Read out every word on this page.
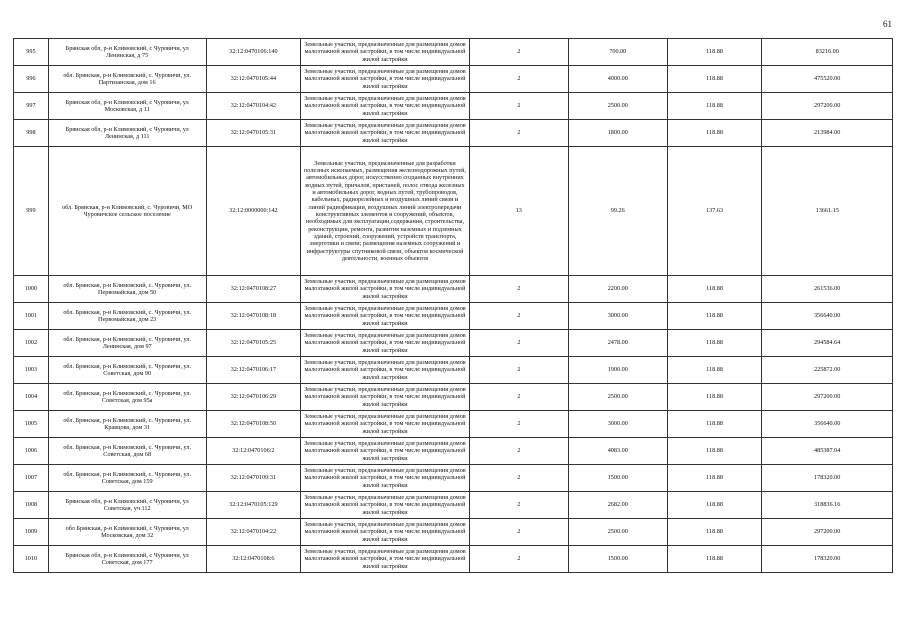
61
995	Брянская обл, р-н Климовский, с Чуровичи, ул Ленинская, д 75	32:12:0470106:140	Земельные участки, предназначенные для размещения домов малоэтажной жилой застройки, в том числе индивидуальной жилой застройки	2	700.00	118.88	83216.00
996	обл. Брянская, р-н Климовский, с. Чуровичи, ул. Партизанская, дом 16	32:12:0470105:44	Земельные участки, предназначенные для размещения домов малоэтажной жилой застройки, в том числе индивидуальной жилой застройки	2	4000.00	118.88	475520.00
997	Брянская обл, р-н Климовский, с Чуровичи, ул Московская, д 11	32:12:0470104:42	Земельные участки, предназначенные для размещения домов малоэтажной жилой застройки, в том числе индивидуальной жилой застройки	2	2500.00	118.88	297200.00
998	Брянская обл, р-н Климовский, с Чуровичи, ул Ленинская, д 111	32:12:0470105:31	Земельные участки, предназначенные для размещения домов малоэтажной жилой застройки, в том числе индивидуальной жилой застройки	2	1800.00	118.88	213984.00
999	обл. Брянская, р-н Климовский, с. Чуровичи, МО Чуровичское сельское поселение	32:12:0000000:142	Земельные участки, предназначенные для разработки полезных ископаемых, размещения железнодорожных путей, автомобильных дорог, искусственно созданных внутренних водных путей, причалов, пристаней, полос отвода железных и автомобильных дорог, водных путей, трубопроводов, кабельных, радиорелейных и воздушных линий связи и линий радиофикации, воздушных линий электропередачи конструктивных элементов и сооружений, объектов, необходимых для эксплуатации,содержания, строительства, реконструкции, ремонта, развития наземных и подземных зданий, строений, сооружений, устройств транспорта, энергетики и связи; размещения наземных сооружений и инфраструктуры спутниковой связи, объектов космической деятельности, военных объектов	13	99.26	137.63	13661.15
1000	обл. Брянская, р-н Климовский, с. Чуровичи, ул. Первомайская, дом 50	32:12:0470108:27	Земельные участки, предназначенные для размещения домов малоэтажной жилой застройки, в том числе индивидуальной жилой застройки	2	2200.00	118.88	261536.00
1001	обл. Брянская, р-н Климовский, с. Чуровичи, ул. Первомайская, дом 23	32:12:0470108:18	Земельные участки, предназначенные для размещения домов малоэтажной жилой застройки, в том числе индивидуальной жилой застройки	2	3000.00	118.88	356640.00
1002	обл. Брянская, р-н Климовский, с. Чуровичи, ул. Ленинская, дом 97	32:12:0470105:25	Земельные участки, предназначенные для размещения домов малоэтажной жилой застройки, в том числе индивидуальной жилой застройки	2	2478.00	118.88	294584.64
1003	обл. Брянская, р-н Климовский, с. Чуровичи, ул. Советская, дом 90	32:12:0470106:17	Земельные участки, предназначенные для размещения домов малоэтажной жилой застройки, в том числе индивидуальной жилой застройки	2	1900.00	118.88	225872.00
1004	обл. Брянская, р-н Климовский, с. Чуровичи, ул. Советская, дом 95а	32:12:0470106:29	Земельные участки, предназначенные для размещения домов малоэтажной жилой застройки, в том числе индивидуальной жилой застройки	2	2500.00	118.88	297200.00
1005	обл. Брянская, р-н Климовский, с. Чуровичи, ул. Кравцова, дом 31	32:12:0470108:50	Земельные участки, предназначенные для размещения домов малоэтажной жилой застройки, в том числе индивидуальной жилой застройки	2	3000.00	118.88	356640.00
1006	обл. Брянская, р-н Климовский, с. Чуровичи, ул. Советская, дом 68	32:12:0470106:2	Земельные участки, предназначенные для размещения домов малоэтажной жилой застройки, в том числе индивидуальной жилой застройки	2	4083.00	118.88	485387.04
1007	обл. Брянская, р-н Климовский, с. Чуровичи, ул. Советская, дом 159	32:12:0470109:31	Земельные участки, предназначенные для размещения домов малоэтажной жилой застройки, в том числе индивидуальной жилой застройки	2	1500.00	118.88	178320.00
1008	Брянская обл, р-н Климовский, с Чуровичи, ул Советская, уч 112	32:12:0470105:129	Земельные участки, предназначенные для размещения домов малоэтажной жилой застройки, в том числе индивидуальной жилой застройки	2	2682.00	118.88	318836.16
1009	обл Брянская, р-н Климовский, с Чуровичи, ул Московская, дом 32	32:12:0470104:22	Земельные участки, предназначенные для размещения домов малоэтажной жилой застройки, в том числе индивидуальной жилой застройки	2	2500.00	118.88	297200.00
1010	Брянская обл, р-н Климовский, с Чуровичи, ул Советская, дом 177	32:12:0470108:6	Земельные участки, предназначенные для размещения домов малоэтажной жилой застройки, в том числе индивидуальной жилой застройки	2	1500.00	118.88	178320.00
